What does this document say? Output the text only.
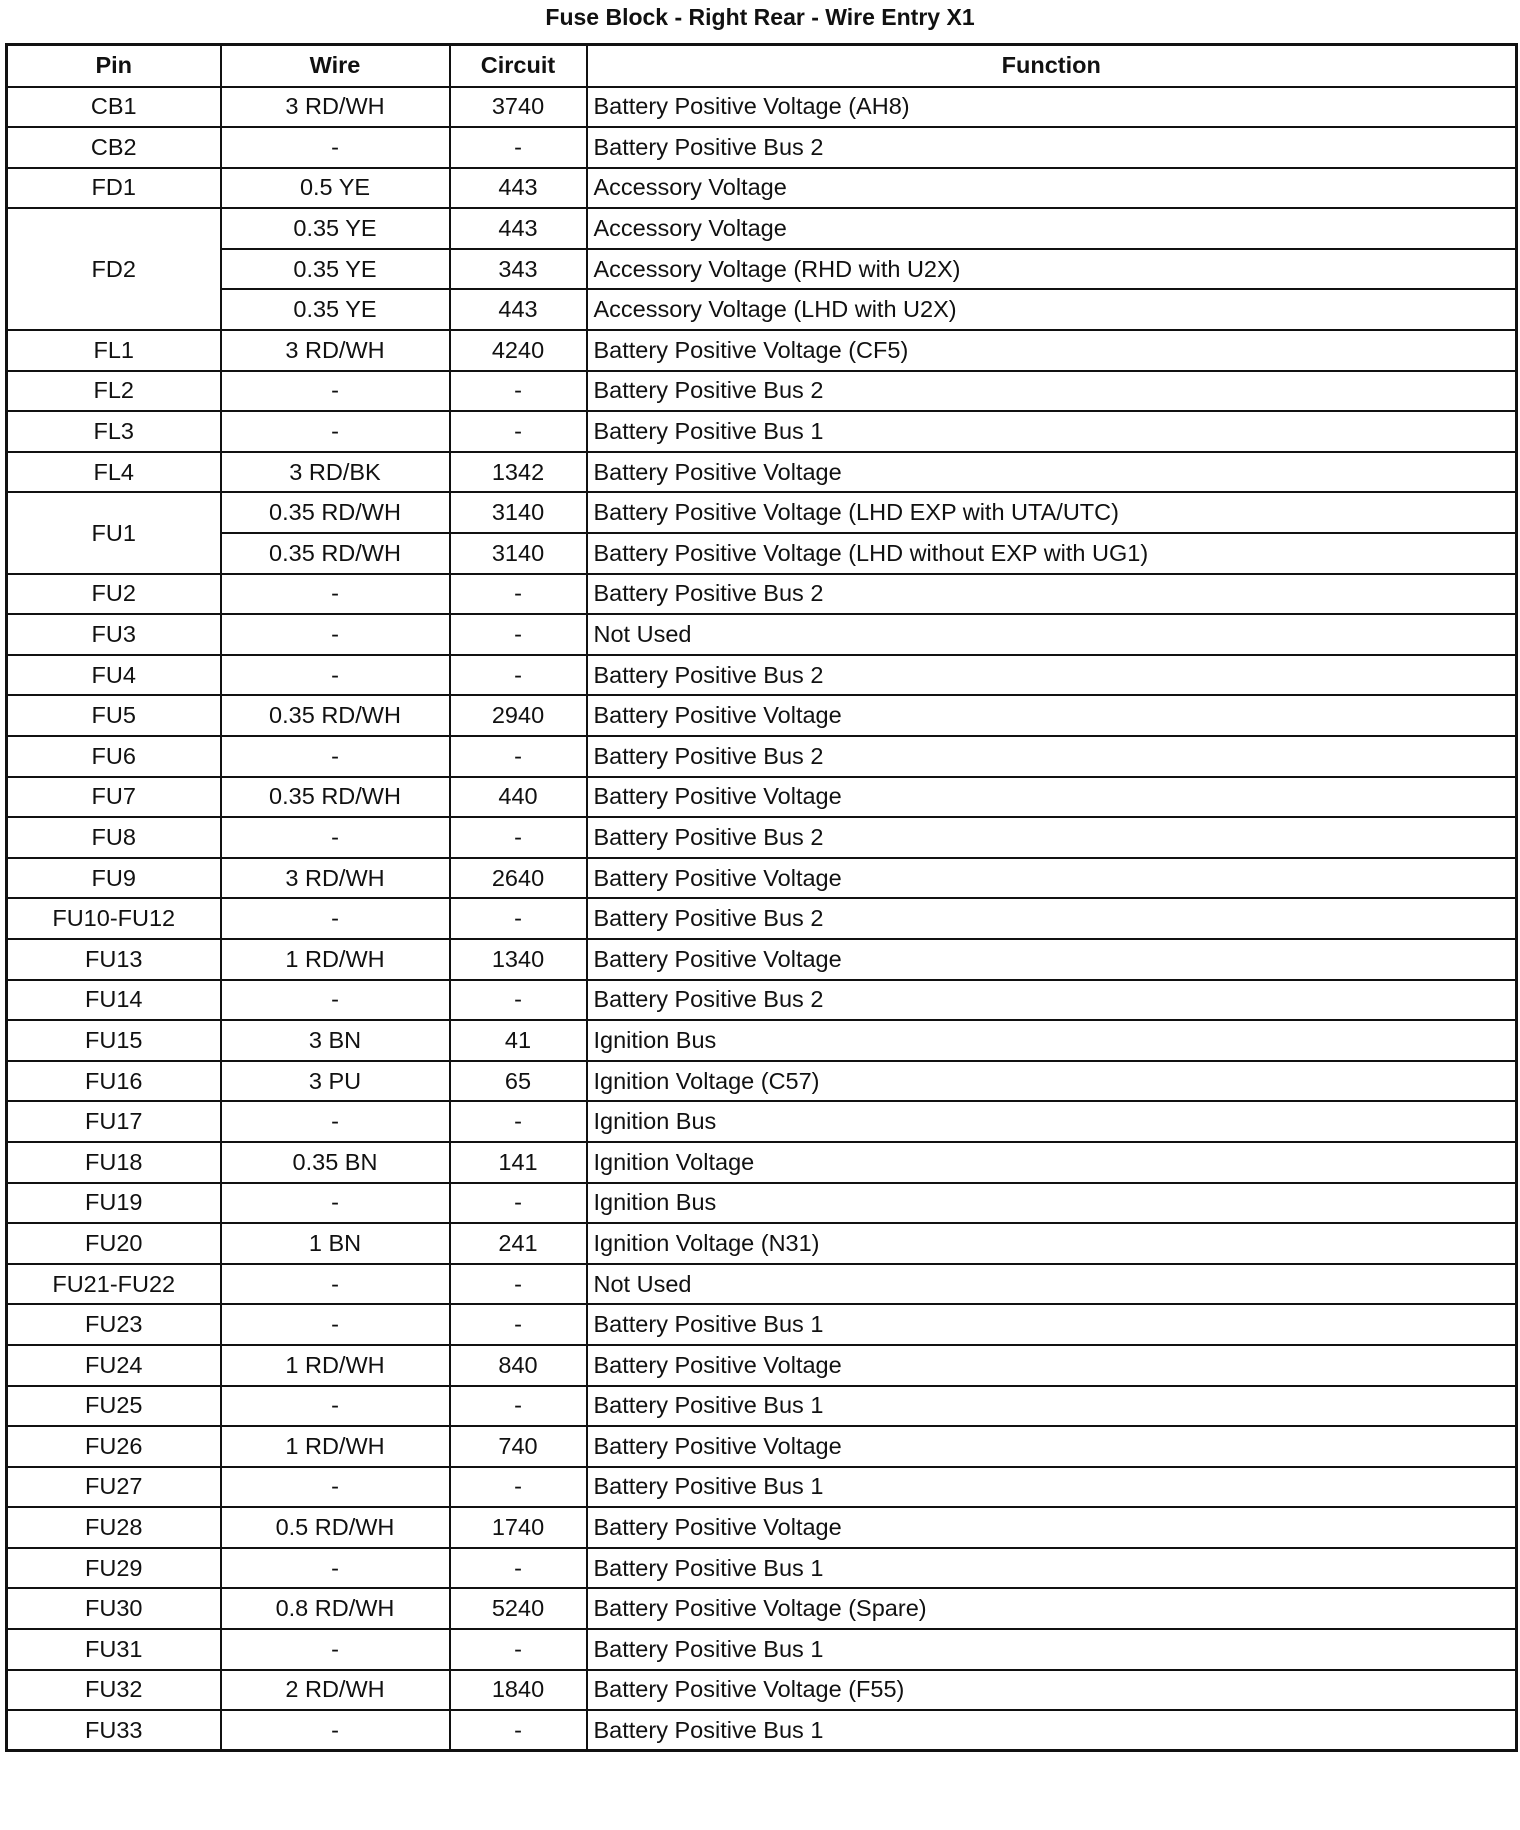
Fuse Block - Right Rear - Wire Entry X1
Pin	Wire	Circuit	Function
CB1	3 RD/WH	3740	Battery Positive Voltage (AH8)
CB2	-	-	Battery Positive Bus 2
FD1	0.5 YE	443	Accessory Voltage
FD2	0.35 YE	443	Accessory Voltage
	0.35 YE	343	Accessory Voltage (RHD with U2X)
	0.35 YE	443	Accessory Voltage (LHD with U2X)
FL1	3 RD/WH	4240	Battery Positive Voltage (CF5)
FL2	-	-	Battery Positive Bus 2
FL3	-	-	Battery Positive Bus 1
FL4	3 RD/BK	1342	Battery Positive Voltage
FU1	0.35 RD/WH	3140	Battery Positive Voltage (LHD EXP with UTA/UTC)
	0.35 RD/WH	3140	Battery Positive Voltage (LHD without EXP with UG1)
FU2	-	-	Battery Positive Bus 2
FU3	-	-	Not Used
FU4	-	-	Battery Positive Bus 2
FU5	0.35 RD/WH	2940	Battery Positive Voltage
FU6	-	-	Battery Positive Bus 2
FU7	0.35 RD/WH	440	Battery Positive Voltage
FU8	-	-	Battery Positive Bus 2
FU9	3 RD/WH	2640	Battery Positive Voltage
FU10-FU12	-	-	Battery Positive Bus 2
FU13	1 RD/WH	1340	Battery Positive Voltage
FU14	-	-	Battery Positive Bus 2
FU15	3 BN	41	Ignition Bus
FU16	3 PU	65	Ignition Voltage (C57)
FU17	-	-	Ignition Bus
FU18	0.35 BN	141	Ignition Voltage
FU19	-	-	Ignition Bus
FU20	1 BN	241	Ignition Voltage (N31)
FU21-FU22	-	-	Not Used
FU23	-	-	Battery Positive Bus 1
FU24	1 RD/WH	840	Battery Positive Voltage
FU25	-	-	Battery Positive Bus 1
FU26	1 RD/WH	740	Battery Positive Voltage
FU27	-	-	Battery Positive Bus 1
FU28	0.5 RD/WH	1740	Battery Positive Voltage
FU29	-	-	Battery Positive Bus 1
FU30	0.8 RD/WH	5240	Battery Positive Voltage (Spare)
FU31	-	-	Battery Positive Bus 1
FU32	2 RD/WH	1840	Battery Positive Voltage (F55)
FU33	-	-	Battery Positive Bus 1
